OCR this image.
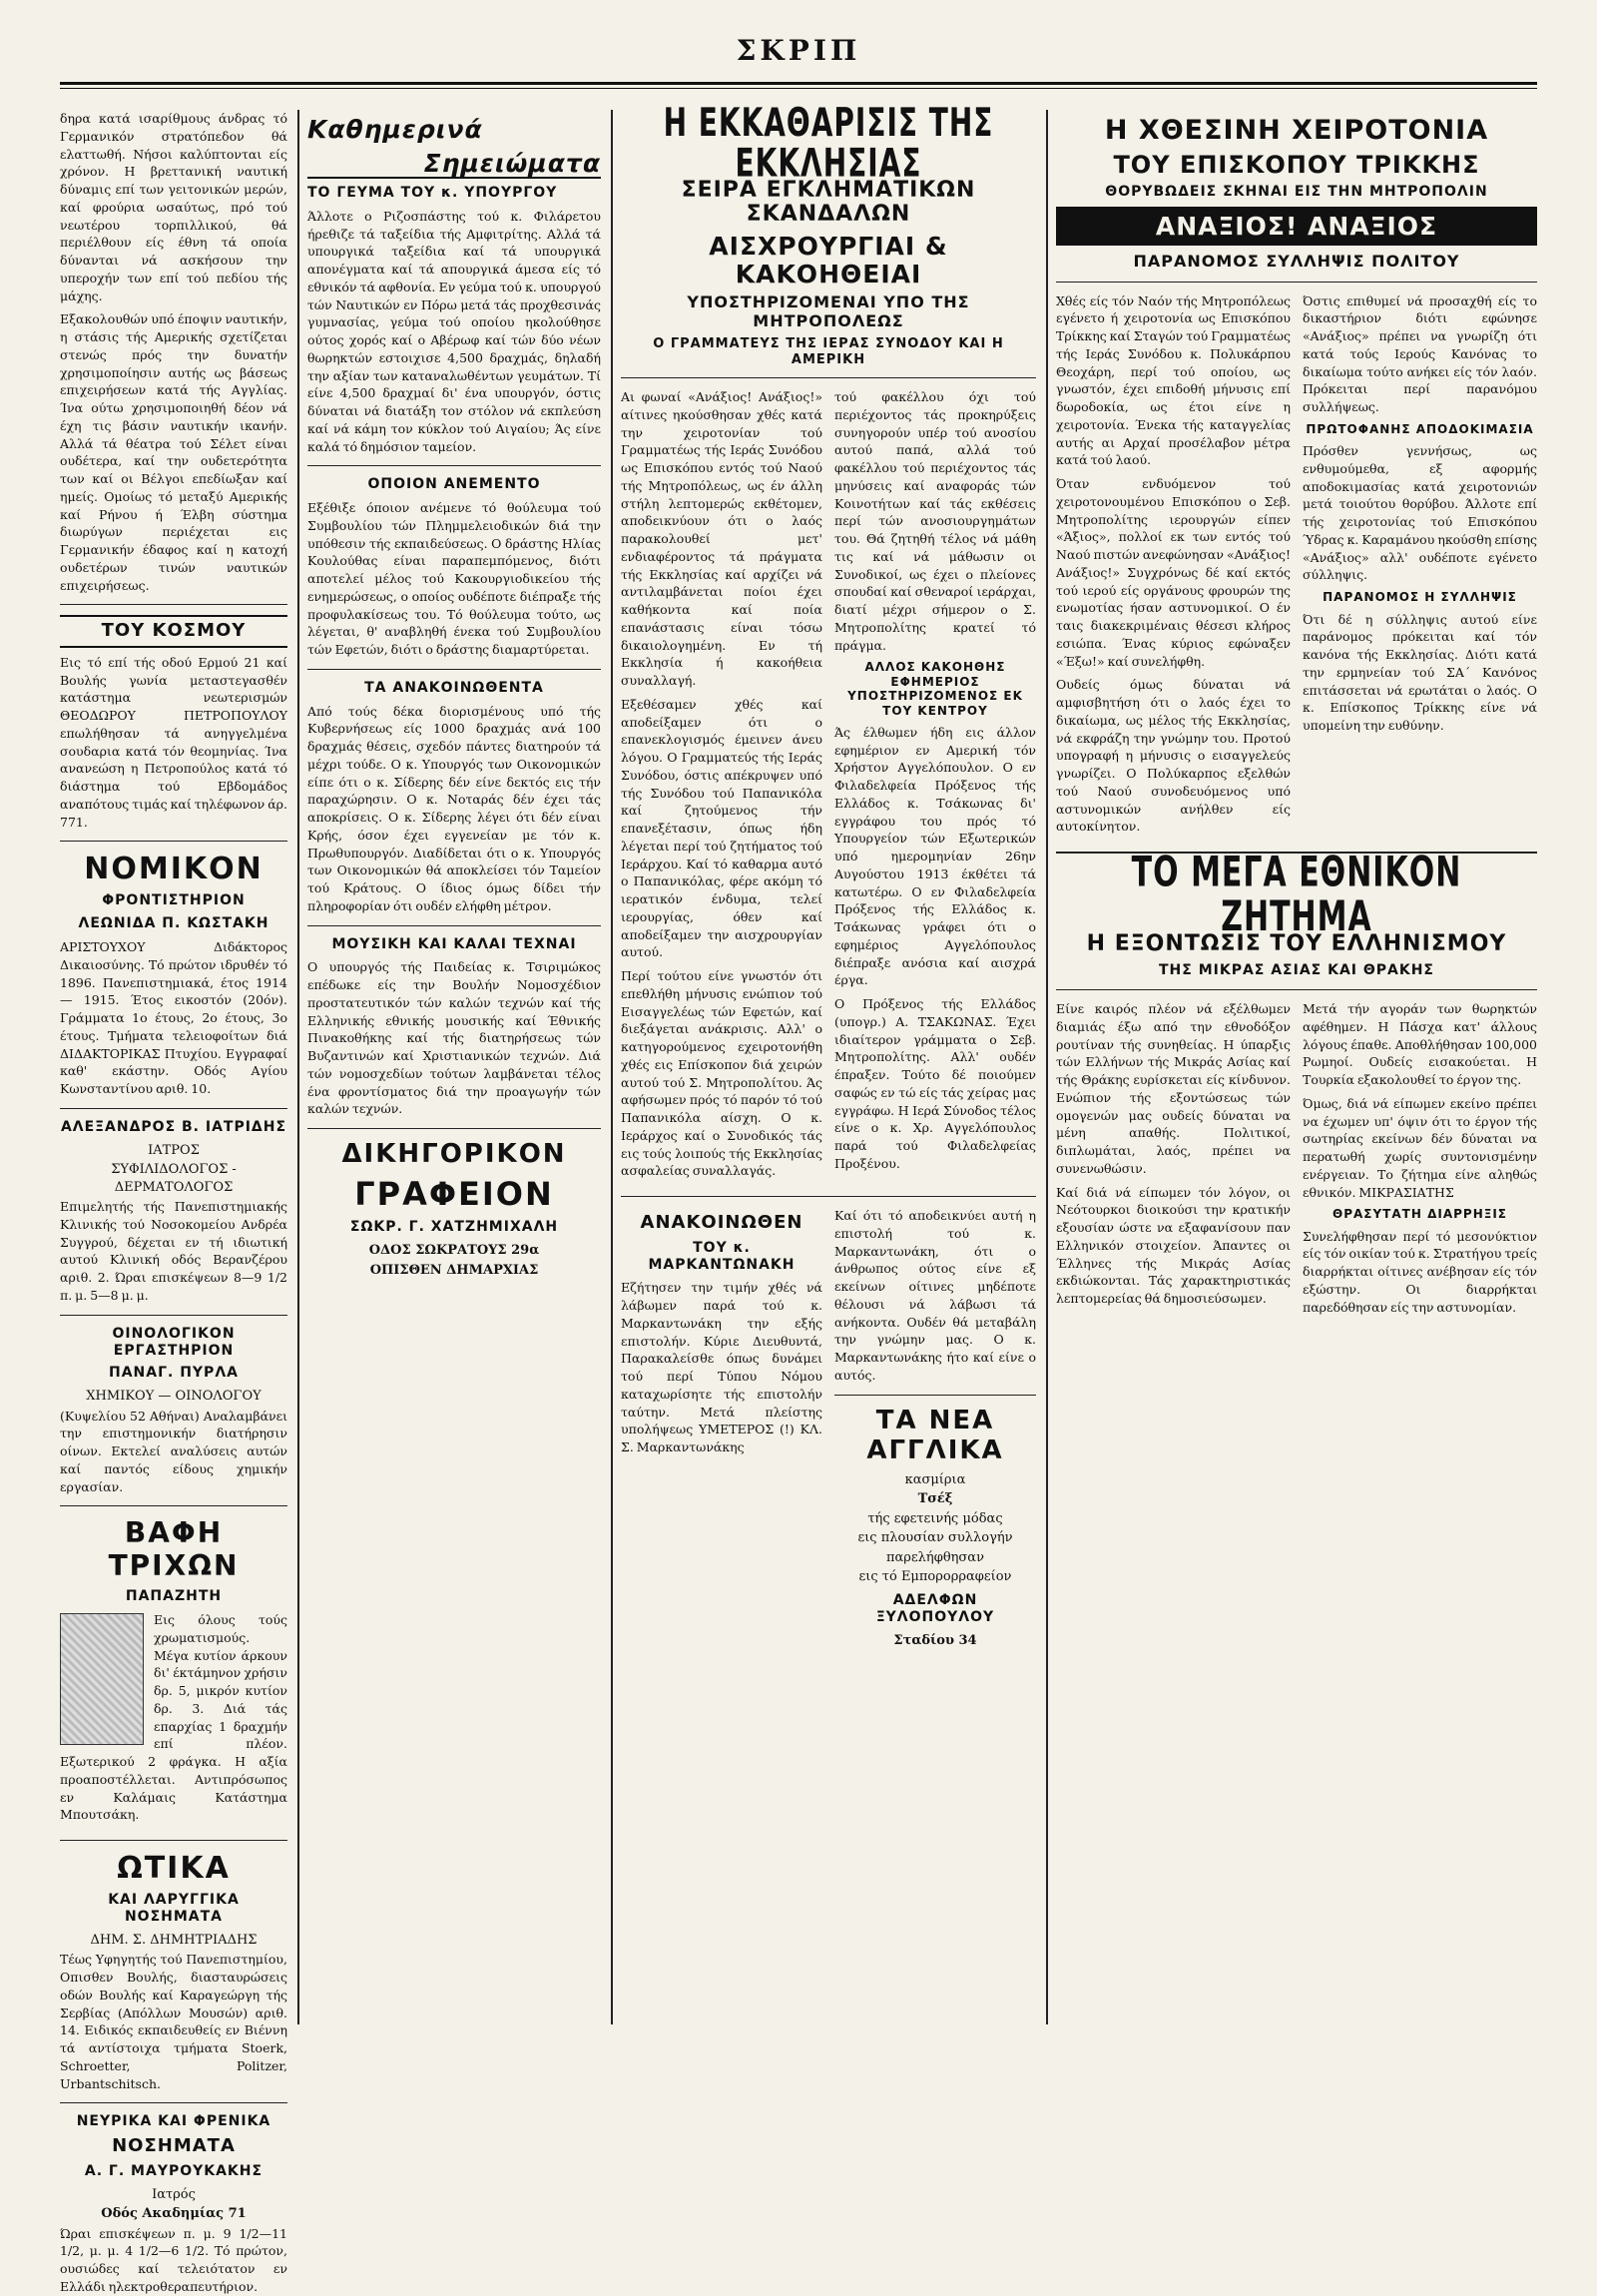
ΣΚΡΙΠ

δηρα κατά ισαρίθμους άνδρας τό Γερμανικόν στρατόπεδον θά ελαττωθή. Νήσοι καλύπτονται είς χρόνον. Η βρεττανική ναυτική δύναμις επί των γειτονικών μερών, καί φρούρια ωσαύτως, πρό τού νεωτέρου τορπιλλικού, θά περιέλθουν είς έθνη τά οποία δύνανται νά ασκήσουν την υπεροχήν των επί τού πεδίου τής μάχης.

Εξακολουθών υπό έποψιν ναυτικήν, η στάσις τής Αμερικής σχετίζεται στενώς πρός την δυνατήν χρησιμοποίησιν αυτής ως βάσεως επιχειρήσεων κατά τής Αγγλίας. Ίνα ούτω χρησιμοποιηθή δέον νά έχη τις βάσιν ναυτικήν ικανήν. Αλλά τά θέατρα τού Σέλετ είναι ουδέτερα, καί την ουδετερότητα των καί οι Βέλγοι επεδίωξαν καί ημείς. Ομοίως τό μεταξύ Αμερικής καί Ρήνου ή Έλβη σύστημα διωρύγων περιέχεται εις Γερμανικήν έδαφος καί η κατοχή ουδετέρων τινών ναυτικών επιχειρήσεως.

ΤΟΥ ΚΟΣΜΟΥ

Εις τό επί τής οδού Ερμού 21 καί Βουλής γωνία μεταστεγασθέν κατάστημα νεωτερισμών ΘΕΟΔΩΡΟΥ ΠΕΤΡΟΠΟΥΛΟΥ επωλήθησαν τά ανηγγελμένα σουδαρια κατά τόν θεομηνίας. Ίνα ανανεώση η Πετροπούλος κατά τό διάστημα τού Εβδομάδος αναπότους τιμάς καί τηλέφωνον άρ. 771.

ΝΟΜΙΚΟΝ
ΦΡΟΝΤΙΣΤΗΡΙΟΝ
ΛΕΩΝΙΔΑ Π. ΚΩΣΤΑΚΗ

ΑΡΙΣΤΟΥΧΟΥ Διδάκτορος Δικαιοσύνης. Τό πρώτον ιδρυθέν τό 1896. Πανεπιστημιακά, έτος 1914 — 1915. Έτος εικοστόν (20όν). Γράμματα 1ο έτους, 2ο έτους, 3ο έτους. Τμήματα τελειοφοίτων διά ΔΙΔΑΚΤΟΡΙΚΑΣ Πτυχίου. Εγγραφαί καθ' εκάστην. Οδός Αγίου Κωνσταντίνου αριθ. 10.

ΑΛΕΞΑΝΔΡΟΣ Β. ΙΑΤΡΙΔΗΣ
ΙΑΤΡΟΣ
ΣΥΦΙΛΙΔΟΛΟΓΟΣ - ΔΕΡΜΑΤΟΛΟΓΟΣ

Επιμελητής τής Πανεπιστημιακής Κλινικής τού Νοσοκομείου Ανδρέα Συγγρού, δέχεται εν τή ιδιωτική αυτού Κλινική οδός Βερανζέρου αριθ. 2. Ώραι επισκέψεων 8—9 1/2 π. μ. 5—8 μ. μ.

ΟΙΝΟΛΟΓΙΚΟΝ ΕΡΓΑΣΤΗΡΙΟΝ
ΠΑΝΑΓ. ΠΥΡΛΑ
ΧΗΜΙΚΟΥ — ΟΙΝΟΛΟΓΟΥ

(Κυψελίου 52 Αθήναι) Αναλαμβάνει την επιστημονικήν διατήρησιν οίνων. Εκτελεί αναλύσεις αυτών καί παντός είδους χημικήν εργασίαν.

ΒΑΦΗ ΤΡΙΧΩΝ
ΠΑΠΑΖΗΤΗ

Εις όλους τούς χρωματισμούς. Μέγα κυτίον άρκουν δι' έκτάμηνον χρήσιν δρ. 5, μικρόν κυτίον δρ. 3. Διά τάς επαρχίας 1 δραχμήν επί πλέον. Εξωτερικού 2 φράγκα. Η αξία προαποστέλλεται. Αντιπρόσωπος εν Καλάμαις Κατάστημα Μπουτσάκη.

ΩΤΙΚΑ
ΚΑΙ ΛΑΡΥΓΓΙΚΑ ΝΟΣΗΜΑΤΑ
ΔΗΜ. Σ. ΔΗΜΗΤΡΙΑΔΗΣ

Τέως Υφηγητής τού Πανεπιστημίου, Οπισθεν Βουλής, διασταυρώσεις οδών Βουλής καί Καραγεώργη τής Σερβίας (Απόλλων Μουσών) αριθ. 14. Ειδικός εκπαιδευθείς εν Βιέννη τά αντίστοιχα τμήματα Stoerk, Schroetter, Politzer, Urbantschitsch.

ΝΕΥΡΙΚΑ ΚΑΙ ΦΡΕΝΙΚΑ
ΝΟΣΗΜΑΤΑ
Α. Γ. ΜΑΥΡΟΥΚΑΚΗΣ
Ιατρός
Οδός Ακαδημίας 71

Ώραι επισκέψεων π. μ. 9 1/2—11 1/2, μ. μ. 4 1/2—6 1/2. Τό πρώτον, ουσιώδες καί τελειότατον εν Ελλάδι ηλεκτροθεραπευτήριον.

Καθημερινά
Σημειώματα
ΤΟ ΓΕΥΜΑ ΤΟΥ κ. ΥΠΟΥΡΓΟΥ

Άλλοτε ο Ριζοσπάστης τού κ. Φιλάρετου ήρεθιζε τά ταξείδια τής Αμφιτρίτης. Αλλά τά υπουργικά ταξείδια καί τά υπουργικά απονέγματα καί τά απουργικά άμεσα είς τό εθνικόν τά αφθονία. Εν γεύμα τού κ. υπουργού τών Ναυτικών εν Πόρω μετά τάς προχθεσινάς γυμνασίας, γεύμα τού οποίου ηκολούθησε ούτος χορός καί ο Αβέρωφ καί τών δύο νέων θωρηκτών εστοιχισε 4,500 δραχμάς, δηλαδή την αξίαν των καταναλωθέντων γευμάτων. Τί είνε 4,500 δραχμαί δι' ένα υπουργόν, όστις δύναται νά διατάξη τον στόλον νά εκπλεύση καί νά κάμη τον κύκλον τού Αιγαίου; Άς είνε καλά τό δημόσιον ταμείον.

ΟΠΟΙΟΝ ΑΝΕΜΕΝΤΟ

Εξέθιξε όποιον ανέμενε τό θούλευμα τού Συμβουλίου τών Πλημμελειοδικών διά την υπόθεσιν τής εκπαιδεύσεως. Ο δράστης Ηλίας Κουλούθας είναι παραπεμπόμενος, διότι αποτελεί μέλος τού Κακουργιοδικείου τής ενημερώσεως, ο οποίος ουδέποτε διέπραξε τής προφυλακίσεως του. Τό θούλευμα τούτο, ως λέγεται, θ' αναβληθή ένεκα τού Συμβουλίου τών Εφετών, διότι ο δράστης διαμαρτύρεται.

ΤΑ ΑΝΑΚΟΙΝΩΘΕΝΤΑ

Από τούς δέκα διορισμένους υπό τής Κυβερνήσεως είς 1000 δραχμάς ανά 100 δραχμάς θέσεις, σχεδόν πάντες διατηρούν τά μέχρι τούδε. Ο κ. Υπουργός των Οικονομικών είπε ότι ο κ. Σίδερης δέν είνε δεκτός εις τήν παραχώρησιν. Ο κ. Νοταράς δέν έχει τάς αποκρίσεις. Ο κ. Σίδερης λέγει ότι δέν είναι Κρής, όσον έχει εγγενείαν με τόν κ. Πρωθυπουργόν. Διαδίδεται ότι ο κ. Υπουργός των Οικονομικών θά αποκλείσει τόν Ταμείον τού Κράτους. Ο ίδιος όμως δίδει τήν πληροφορίαν ότι ουδέν ελήφθη μέτρον.

ΜΟΥΣΙΚΗ ΚΑΙ ΚΑΛΑΙ ΤΕΧΝΑΙ

Ο υπουργός τής Παιδείας κ. Τσιριμώκος επέδωκε είς την Βουλήν Νομοσχέδιον προστατευτικόν τών καλών τεχνών καί τής Ελληνικής εθνικής μουσικής καί Έθνικής Πινακοθήκης καί τής διατηρήσεως τών Βυζαντινών καί Χριστιανικών τεχνών. Διά τών νομοσχεδίων τούτων λαμβάνεται τέλος ένα φροντίσματος διά την προαγωγήν τών καλών τεχνών.

ΔΙΚΗΓΟΡΙΚΟΝ
ΓΡΑΦΕΙΟΝ
ΣΩΚΡ. Γ. ΧΑΤΖΗΜΙΧΑΛΗ
ΟΔΟΣ ΣΩΚΡΑΤΟΥΣ 29α
ΟΠΙΣΘΕΝ ΔΗΜΑΡΧΙΑΣ
Η ΕΚΚΑΘΑΡΙΣΙΣ ΤΗΣ ΕΚΚΛΗΣΙΑΣ
ΣΕΙΡΑ ΕΓΚΛΗΜΑΤΙΚΩΝ ΣΚΑΝΔΑΛΩΝ
ΑΙΣΧΡΟΥΡΓΙΑΙ & ΚΑΚΟΗΘΕΙΑΙ
ΥΠΟΣΤΗΡΙΖΟΜΕΝΑΙ ΥΠΟ ΤΗΣ ΜΗΤΡΟΠΟΛΕΩΣ
Ο ΓΡΑΜΜΑΤΕΥΣ ΤΗΣ ΙΕΡΑΣ ΣΥΝΟΔΟΥ ΚΑΙ Η ΑΜΕΡΙΚΗ

Αι φωναί «Ανάξιος! Ανάξιος!» αίτινες ηκούσθησαν χθές κατά την χειροτονίαν τού Γραμματέως τής Ιεράς Συνόδου ως Επισκόπου εντός τού Ναού τής Μητροπόλεως, ως έν άλλη στήλη λεπτομερώς εκθέτομεν, αποδεικνύουν ότι ο λαός παρακολουθεί μετ' ενδιαφέροντος τά πράγματα τής Εκκλησίας καί αρχίζει νά αντιλαμβάνεται ποίοι έχει καθήκοντα καί ποία επανάστασις είναι τόσω δικαιολογημένη. Εν τή Εκκλησία ή κακοήθεια συναλλαγή.

Εξεθέσαμεν χθές καί αποδείξαμεν ότι ο επανεκλογισμός έμεινεν άνευ λόγου. Ο Γραμματεύς τής Ιεράς Συνόδου, όστις απέκρυψεν υπό τής Συνόδου τού Παπανικόλα καί ζητούμενος τήν επανεξέτασιν, όπως ήδη λέγεται περί τού ζητήματος τού Ιεράρχου. Καί τό καθαρμα αυτό ο Παπανικόλας, φέρε ακόμη τό ιερατικόν ένδυμα, τελεί ιερουργίας, όθεν καί αποδείξαμεν την αισχρουργίαν αυτού.

Περί τούτου είνε γνωστόν ότι επεθλήθη μήνυσις ενώπιον τού Εισαγγελέως τών Εφετών, καί διεξάγεται ανάκρισις. Αλλ' ο κατηγορούμενος εχειροτονήθη χθές εις Επίσκοπον διά χειρών αυτού τού Σ. Μητροπολίτου. Άς αφήσωμεν πρός τό παρόν τό τού Παπανικόλα αίσχη. Ο κ. Ιεράρχος καί ο Συνοδικός τάς εις τούς λοιπούς τής Εκκλησίας ασφαλείας συναλλαγάς.

τού φακέλλου όχι τού περιέχοντος τάς προκηρύξεις συνηγορούν υπέρ τού ανοσίου αυτού παπά, αλλά τού φακέλλου τού περιέχοντος τάς μηνύσεις καί αναφοράς τών Κοινοτήτων καί τάς εκθέσεις περί τών ανοσιουργημάτων του. Θά ζητηθή τέλος νά μάθη τις καί νά μάθωσιν οι Συνοδικοί, ως έχει ο πλείονες σπουδαί καί σθεναροί ιεράρχαι, διατί μέχρι σήμερον ο Σ. Μητροπολίτης κρατεί τό πράγμα.

ΑΛΛΟΣ ΚΑΚΟΗΘΗΣ ΕΦΗΜΕΡΙΟΣ ΥΠΟΣΤΗΡΙΖΟΜΕΝΟΣ ΕΚ ΤΟΥ ΚΕΝΤΡΟΥ

Άς έλθωμεν ήδη εις άλλον εφημέριον εν Αμερική τόν Χρήστον Αγγελόπουλον. Ο εν Φιλαδελφεία Πρόξενος τής Ελλάδος κ. Τσάκωνας δι' εγγράφου του πρός τό Υπουργείον τών Εξωτερικών υπό ημερομηνίαν 26ην Αυγούστου 1913 έκθέτει τά κατωτέρω. Ο εν Φιλαδελφεία Πρόξενος τής Ελλάδος κ. Τσάκωνας γράφει ότι ο εφημέριος Αγγελόπουλος διέπραξε ανόσια καί αισχρά έργα.

Ο Πρόξενος τής Ελλάδος (υπογρ.) Α. ΤΣΑΚΩΝΑΣ. Έχει ιδιαίτερον γράμματα ο Σεβ. Μητροπολίτης. Αλλ' ουδέν έπραξεν. Τούτο δέ ποιούμεν σαφώς εν τώ είς τάς χείρας μας εγγράφω. Η Ιερά Σύνοδος τέλος είνε ο κ. Χρ. Αγγελόπουλος παρά τού Φιλαδελφείας Προξένου.

ΑΝΑΚΟΙΝΩΘΕΝ
ΤΟΥ κ. ΜΑΡΚΑΝΤΩΝΑΚΗ

Εζήτησεν την τιμήν χθές νά λάβωμεν παρά τού κ. Μαρκαντωνάκη την εξής επιστολήν. Κύριε Διευθυντά, Παρακαλείσθε όπως δυνάμει τού περί Τύπου Νόμου καταχωρίσητε τής επιστολήν ταύτην. Μετά πλείστης υπολήψεως ΥΜΕΤΕΡΟΣ (!) ΚΛ. Σ. Μαρκαντωνάκης

Καί ότι τό αποδεικνύει αυτή η επιστολή τού κ. Μαρκαντωνάκη, ότι ο άνθρωπος ούτος είνε εξ εκείνων οίτινες μηδέποτε θέλουσι νά λάβωσι τά ανήκοντα. Ουδέν θά μεταβάλη την γνώμην μας. Ο κ. Μαρκαντωνάκης ήτο καί είνε ο αυτός.

ΤΑ ΝΕΑ ΑΓΓΛΙΚΑ
κασμίρια
Τσέξ
τής εφετεινής μόδας
εις πλουσίαν συλλογήν
παρελήφθησαν
εις τό Εμπορορραφείον
ΑΔΕΛΦΩΝ ΞΥΛΟΠΟΥΛΟΥ
Σταδίου 34
Η ΧΘΕΣΙΝΗ ΧΕΙΡΟΤΟΝΙΑ
ΤΟΥ ΕΠΙΣΚΟΠΟΥ ΤΡΙΚΚΗΣ
ΘΟΡΥΒΩΔΕΙΣ ΣΚΗΝΑΙ ΕΙΣ ΤΗΝ ΜΗΤΡΟΠΟΛΙΝ
ΑΝΑΞΙΟΣ! ΑΝΑΞΙΟΣ
ΠΑΡΑΝΟΜΟΣ ΣΥΛΛΗΨΙΣ ΠΟΛΙΤΟΥ

Χθές είς τόν Ναόν τής Μητροπόλεως εγένετο ή χειροτονία ως Επισκόπου Τρίκκης καί Σταγών τού Γραμματέως τής Ιεράς Συνόδου κ. Πολυκάρπου Θεοχάρη, περί τού οποίου, ως γνωστόν, έχει επιδοθή μήνυσις επί δωροδοκία, ως έτοι είνε η χειροτονία. Ένεκα τής καταγγελίας αυτής αι Αρχαί προσέλαβον μέτρα κατά τού λαού.

Όταν ενδυόμενον τού χειροτονουμένου Επισκόπου ο Σεβ. Μητροπολίτης ιερουργών είπεν «Άξιος», πολλοί εκ των εντός τού Ναού πιστών ανεφώνησαν «Ανάξιος! Ανάξιος!» Συγχρόνως δέ καί εκτός τού ιερού είς οργάνους φρουρών της ενωμοτίας ήσαν αστυνομικοί. Ο έν ταις διακεκριμέναις θέσεσι κλήρος εσιώπα. Ένας κύριος εφώναξεν «Έξω!» καί συνελήφθη.

Ουδείς όμως δύναται νά αμφισβητήση ότι ο λαός έχει το δικαίωμα, ως μέλος τής Εκκλησίας, νά εκφράζη την γνώμην του. Προτού υπογραφή η μήνυσις ο εισαγγελεύς γνωρίζει. Ο Πολύκαρπος εξελθών τού Ναού συνοδευόμενος υπό αστυνομικών ανήλθεν είς αυτοκίνητον.

Όστις επιθυμεί νά προσαχθή είς το δικαστήριον διότι εφώνησε «Ανάξιος» πρέπει να γνωρίζη ότι κατά τούς Ιερούς Κανόνας το δικαίωμα τούτο ανήκει είς τόν λαόν. Πρόκειται περί παρανόμου συλλήψεως.

ΠΡΩΤΟΦΑΝΗΣ ΑΠΟΔΟΚΙΜΑΣΙΑ

Πρόσθεν γεννήσως, ως ενθυμούμεθα, εξ αφορμής αποδοκιμασίας κατά χειροτονιών μετά τοιούτου θορύβου. Άλλοτε επί τής χειροτονίας τού Επισκόπου Ύδρας κ. Καραμάνου ηκούσθη επίσης «Ανάξιος» αλλ' ουδέποτε εγένετο σύλληψις.

ΠΑΡΑΝΟΜΟΣ Η ΣΥΛΛΗΨΙΣ

Ότι δέ η σύλληψις αυτού είνε παράνομος πρόκειται καί τόν κανόνα τής Εκκλησίας. Διότι κατά την ερμηνείαν τού ΣΑ΄ Κανόνος επιτάσσεται νά ερωτάται ο λαός. Ο κ. Επίσκοπος Τρίκκης είνε νά υπομείνη την ευθύνην.

ΤΟ ΜΕΓΑ ΕΘΝΙΚΟΝ ΖΗΤΗΜΑ
Η ΕΞΟΝΤΩΣΙΣ ΤΟΥ ΕΛΛΗΝΙΣΜΟΥ
ΤΗΣ ΜΙΚΡΑΣ ΑΣΙΑΣ ΚΑΙ ΘΡΑΚΗΣ

Είνε καιρός πλέον νά εξέλθωμεν διαμιάς έξω από την εθνοδόξον ρουτίναν τής συνηθείας. Η ύπαρξις τών Ελλήνων τής Μικράς Ασίας καί τής Θράκης ευρίσκεται είς κίνδυνον. Ενώπιον τής εξοντώσεως τών ομογενών μας ουδείς δύναται να μένη απαθής. Πολιτικοί, διπλωμάται, λαός, πρέπει να συνενωθώσιν.

Καί διά νά είπωμεν τόν λόγον, οι Νεότουρκοι διοικούσι την κρατικήν εξουσίαν ώστε να εξαφανίσουν παν Ελληνικόν στοιχείον. Άπαντες οι Έλληνες τής Μικράς Ασίας εκδιώκονται. Τάς χαρακτηριστικάς λεπτομερείας θά δημοσιεύσωμεν.

Μετά τήν αγοράν των θωρηκτών αφέθημεν. Η Πάσχα κατ' άλλους λόγους έπαθε. Αποθλήθησαν 100,000 Ρωμηοί. Ουδείς εισακούεται. Η Τουρκία εξακολουθεί το έργον της.

Όμως, διά νά είπωμεν εκείνο πρέπει να έχωμεν υπ' όψιν ότι το έργον τής σωτηρίας εκείνων δέν δύναται να περατωθή χωρίς συντονισμένην ενέργειαν. Το ζήτημα είνε αληθώς εθνικόν. ΜΙΚΡΑΣΙΑΤΗΣ

ΘΡΑΣΥΤΑΤΗ ΔΙΑΡΡΗΞΙΣ

Συνελήφθησαν περί τό μεσονύκτιον είς τόν οικίαν τού κ. Στρατήγου τρείς διαρρήκται οίτινες ανέβησαν είς τόν εξώστην. Οι διαρρήκται παρεδόθησαν είς την αστυνομίαν.
